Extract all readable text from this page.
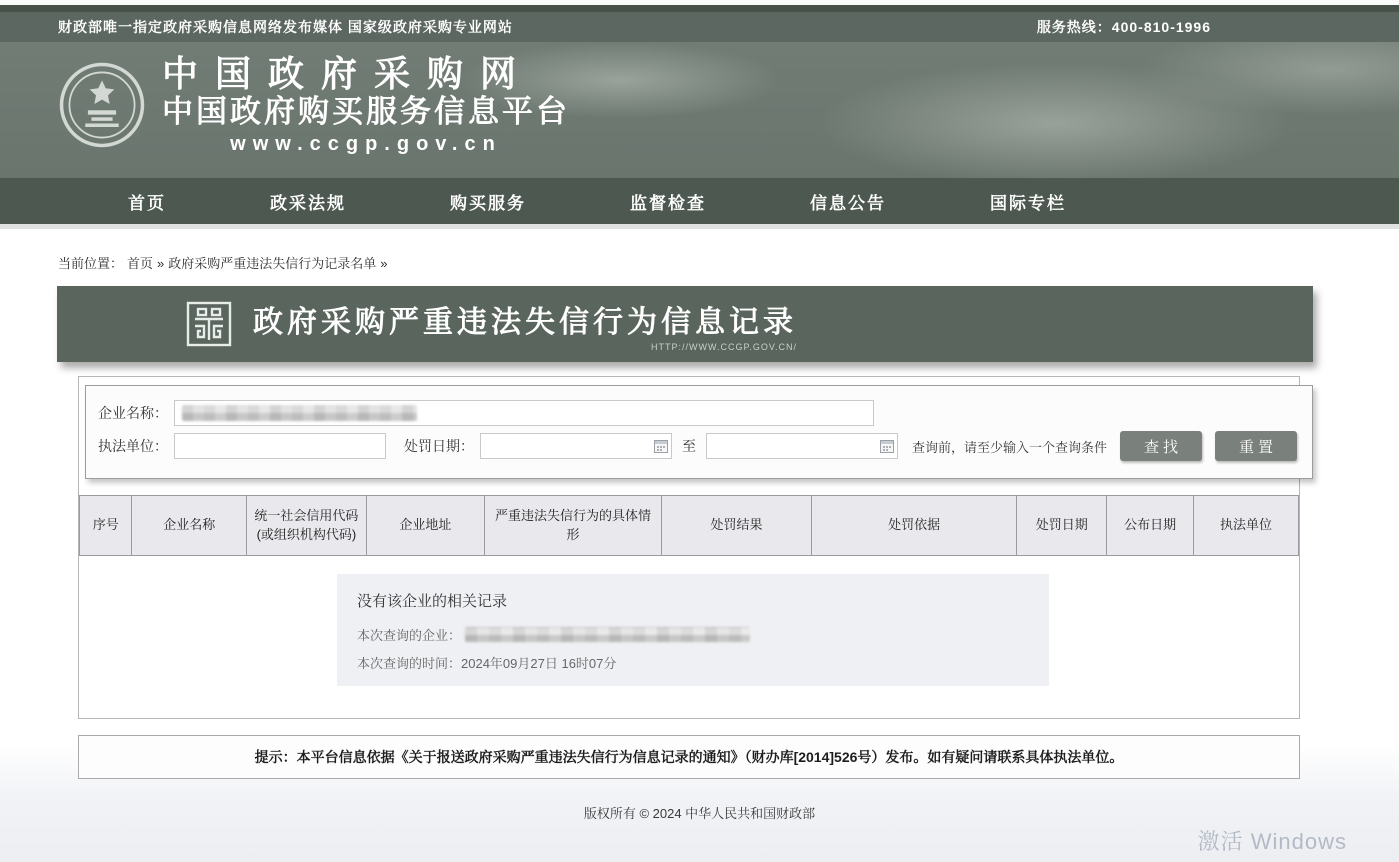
财政部唯一指定政府采购信息网络发布媒体 国家级政府采购专业网站	服务热线：400-810-1996
中国政府采购网
中国政府购买服务信息平台
www.ccgp.gov.cn
首页	政采法规	购买服务	监督检查	信息公告	国际专栏
当前位置： 首页 » 政府采购严重违法失信行为记录名单 »
政府采购严重违法失信行为信息记录
HTTP://WWW.CCGP.GOV.CN/
企业名称：
执法单位：	处罚日期：	至	查询前，请至少输入一个查询条件	查找	重置
序号	企业名称	统一社会信用代码(或组织机构代码)	企业地址	严重违法失信行为的具体情形	处罚结果	处罚依据	处罚日期	公布日期	执法单位
没有该企业的相关记录
本次查询的企业：
本次查询的时间： 2024年09月27日 16时07分
提示：本平台信息依据《关于报送政府采购严重违法失信行为信息记录的通知》（财办库[2014]526号）发布。如有疑问请联系具体执法单位。
版权所有 © 2024 中华人民共和国财政部
激活 Windows
